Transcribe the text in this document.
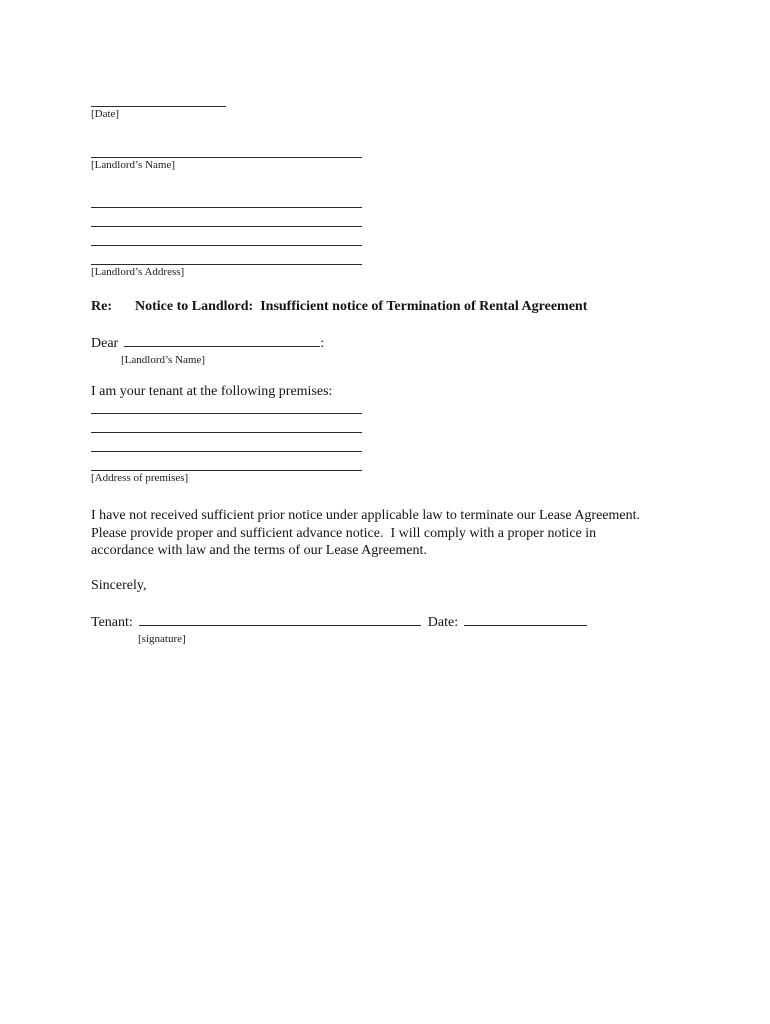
[Date]
[Landlord’s Name]
[Landlord’s Address]
Re:	Notice to Landlord:  Insufficient notice of Termination of Rental Agreement
Dear	:
[Landlord’s Name]
I am your tenant at the following premises:
[Address of premises]
I have not received sufficient prior notice under applicable law to terminate our Lease Agreement. Please provide proper and sufficient advance notice.  I will comply with a proper notice in accordance with law and the terms of our Lease Agreement.
Sincerely,
Tenant:	Date:
[signature]
